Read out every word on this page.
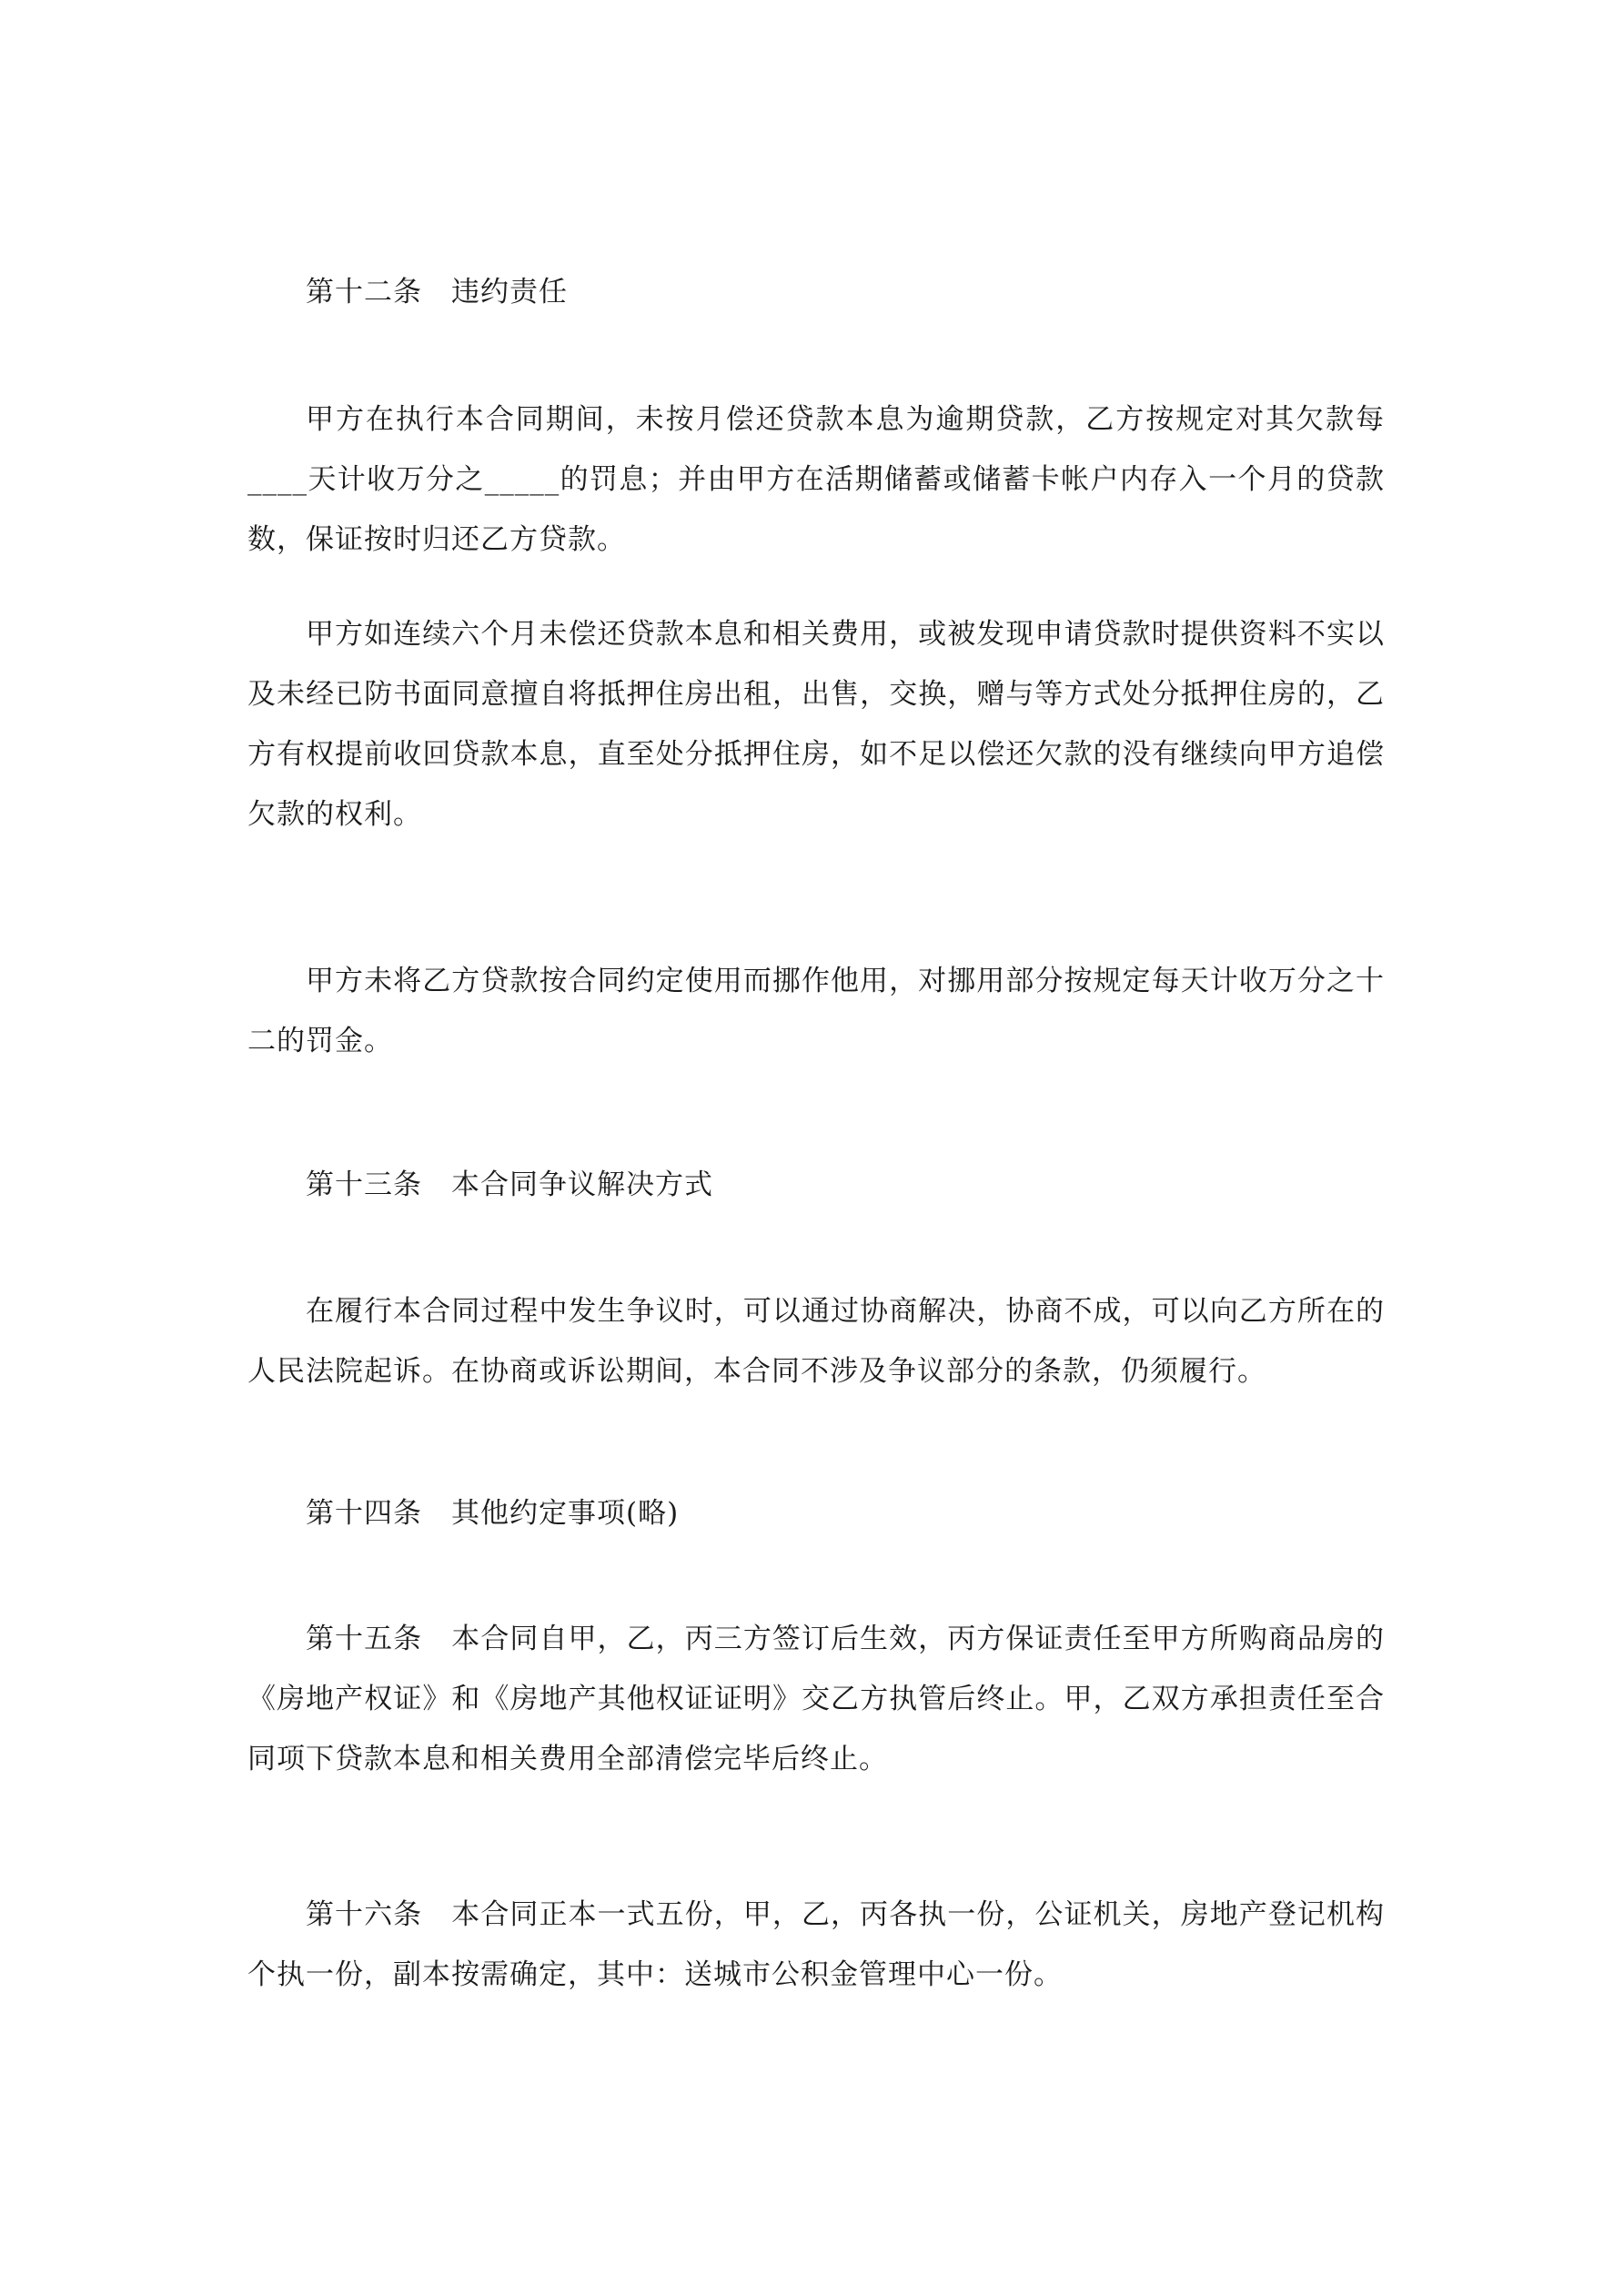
第十二条　违约责任

甲方在执行本合同期间，未按月偿还贷款本息为逾期贷款，乙方按规定对其欠款每____天计收万分之_____的罚息；并由甲方在活期储蓄或储蓄卡帐户内存入一个月的贷款数，保证按时归还乙方贷款。

甲方如连续六个月未偿还贷款本息和相关费用，或被发现申请贷款时提供资料不实以及未经已防书面同意擅自将抵押住房出租，出售，交换，赠与等方式处分抵押住房的，乙方有权提前收回贷款本息，直至处分抵押住房，如不足以偿还欠款的没有继续向甲方追偿欠款的权利。

甲方未将乙方贷款按合同约定使用而挪作他用，对挪用部分按规定每天计收万分之十二的罚金。

第十三条　本合同争议解决方式

在履行本合同过程中发生争议时，可以通过协商解决，协商不成，可以向乙方所在的人民法院起诉。在协商或诉讼期间，本合同不涉及争议部分的条款，仍须履行。

第十四条　其他约定事项(略)

第十五条　本合同自甲，乙，丙三方签订后生效，丙方保证责任至甲方所购商品房的《房地产权证》和《房地产其他权证证明》交乙方执管后终止。甲，乙双方承担责任至合同项下贷款本息和相关费用全部清偿完毕后终止。

第十六条　本合同正本一式五份，甲，乙，丙各执一份，公证机关，房地产登记机构个执一份，副本按需确定，其中：送城市公积金管理中心一份。
